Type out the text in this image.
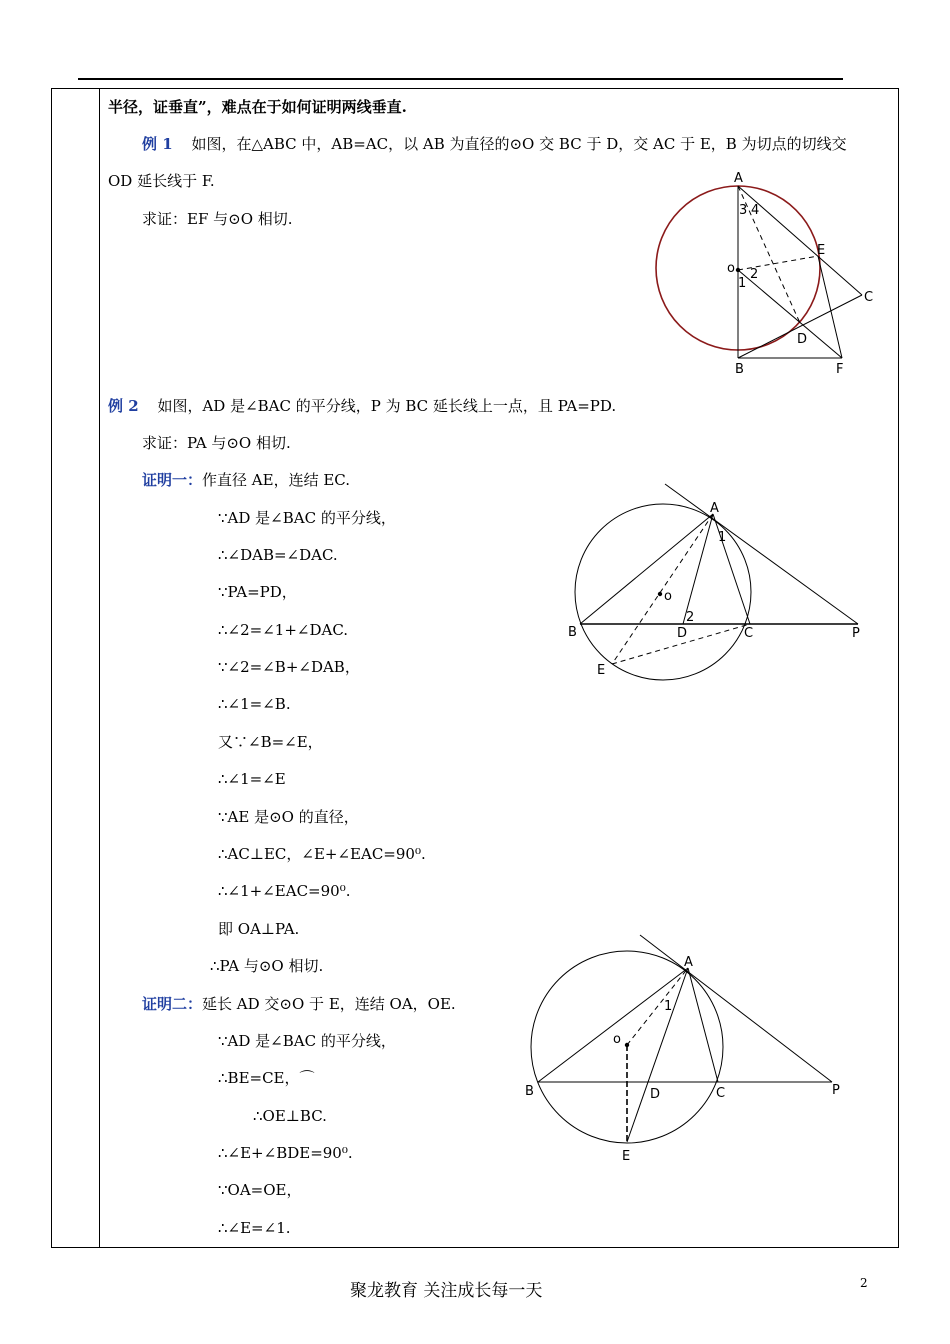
半径，证垂直”，难点在于如何证明两线垂直.
例 1 如图，在△ABC 中，AB=AC，以 AB 为直径的⊙O 交 BC 于 D，交 AC 于 E，B 为切点的切线交
OD 延长线于 F.
求证：EF 与⊙O 相切.
A
3 4
E
o 2
1
C
D
B	F
例 2 如图，AD 是∠BAC 的平分线，P 为 BC 延长线上一点，且 PA=PD.
求证：PA 与⊙O 相切.
证明一：作直径 AE，连结 EC.
∵AD 是∠BAC 的平分线，
∴∠DAB=∠DAC.
∵PA=PD，
∴∠2=∠1+∠DAC.
∵∠2=∠B+∠DAB，
∴∠1=∠B.
又∵∠B=∠E，
∴∠1=∠E
∵AE 是⊙O 的直径，
∴AC⊥EC，∠E+∠EAC=90⁰.
∴∠1+∠EAC=90⁰.
即 OA⊥PA.
∴PA 与⊙O 相切.
A
1
o
2
B	D	C	P
E
证明二：延长 AD 交⊙O 于 E，连结 OA，OE.
∵AD 是∠BAC 的平分线，
∴BE=CE，⌒
∴OE⊥BC.
∴∠E+∠BDE=90⁰.
∵OA=OE，
∴∠E=∠1.
A
1
o
B	D	C	P
E
聚龙教育 关注成长每一天	2
